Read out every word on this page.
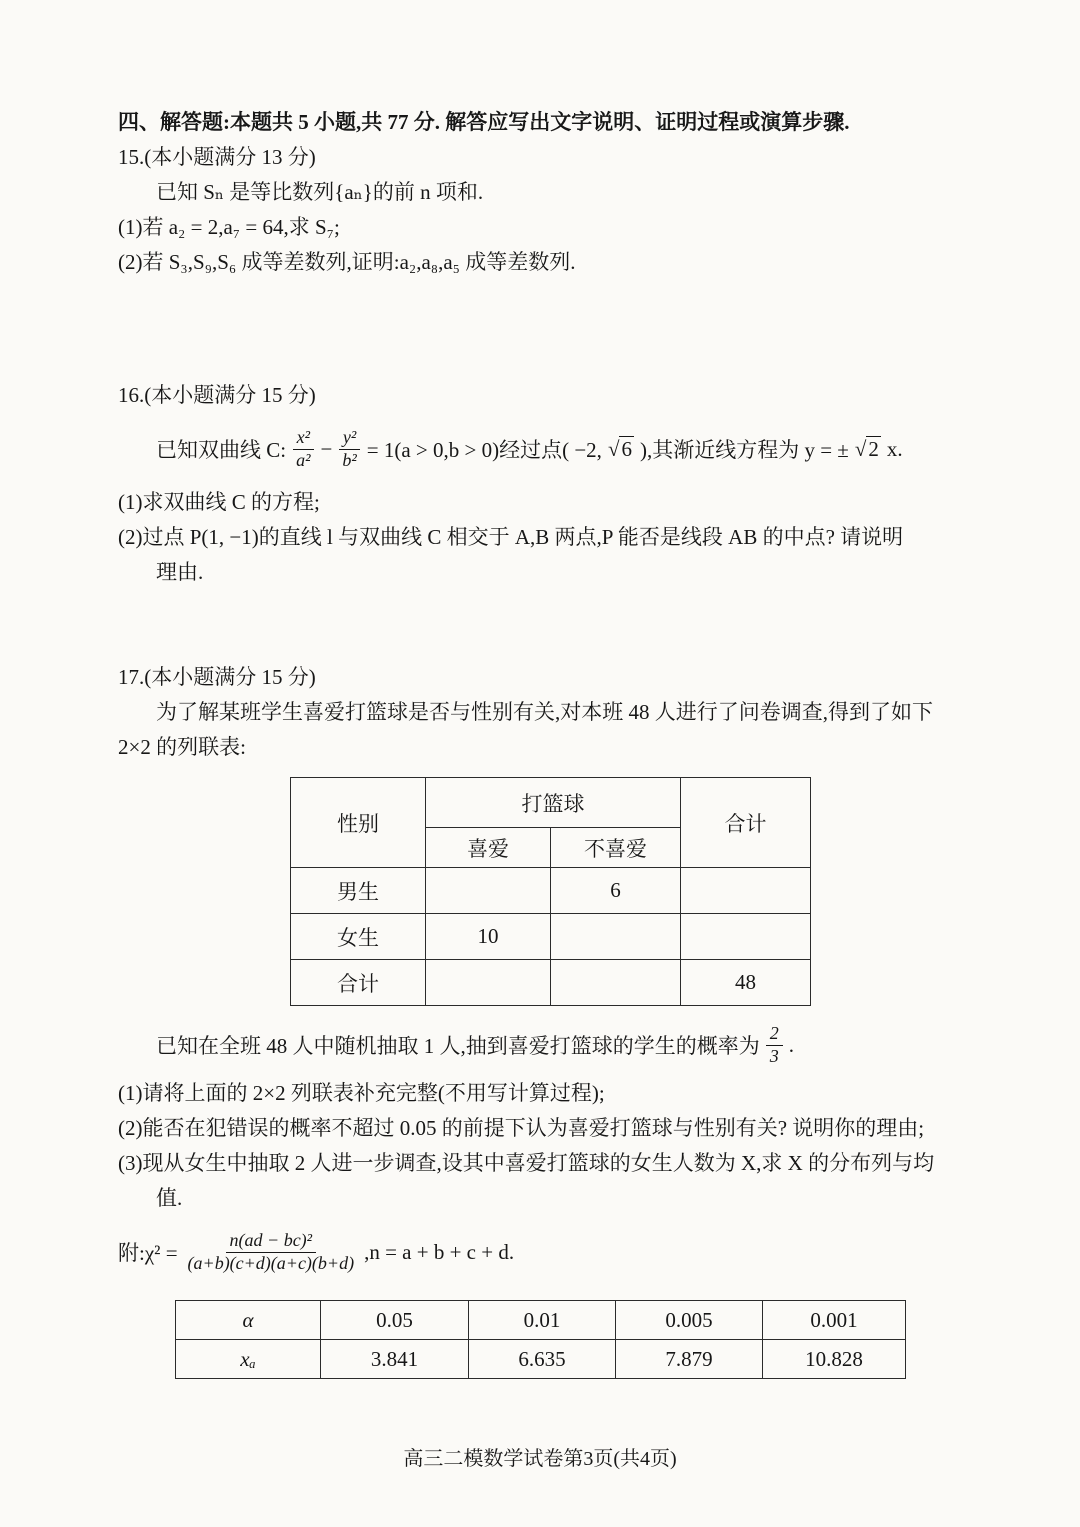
四、解答题:本题共 5 小题,共 77 分. 解答应写出文字说明、证明过程或演算步骤.
15.(本小题满分 13 分)
已知 Sₙ 是等比数列{aₙ}的前 n 项和.
(1)若 a₂ = 2,a₇ = 64,求 S₇;
(2)若 S₃,S₉,S₆ 成等差数列,证明:a₂,a₈,a₅ 成等差数列.
16.(本小题满分 15 分)
已知双曲线 C: $\frac{\text{x²}}{\text{a²}} - \frac{\text{y²}}{\text{b²}} = 1(a > 0,b > 0)$经过点( −2, √6 ),其渐近线方程为 y = ± √2 x.
(1)求双曲线 C 的方程;
(2)过点 P(1, −1)的直线 l 与双曲线 C 相交于 A,B 两点,P 能否是线段 AB 的中点? 请说明
理由.
17.(本小题满分 15 分)
为了解某班学生喜爱打篮球是否与性别有关,对本班 48 人进行了问卷调查,得到了如下
2×2 的列联表:
性别	打篮球		合计
	喜爱	不喜爱	
男生		6	
女生	10		
合计			48
已知在全班 48 人中随机抽取 1 人,抽到喜爱打篮球的学生的概率为 $\frac{2}{3}$ .
(1)请将上面的 2×2 列联表补充完整(不用写计算过程);
(2)能否在犯错误的概率不超过 0.05 的前提下认为喜爱打篮球与性别有关? 说明你的理由;
(3)现从女生中抽取 2 人进一步调查,设其中喜爱打篮球的女生人数为 X,求 X 的分布列与均
值.
附:χ² = $\frac{\text{n(ad − bc)²}}{(a+b)(c+d)(a+c)(b+d)} ,n = a + b + c + d$.
α	0.05	0.01	0.005	0.001
xₐ	3.841	6.635	7.879	10.828
高三二模数学试卷第3页(共4页)
